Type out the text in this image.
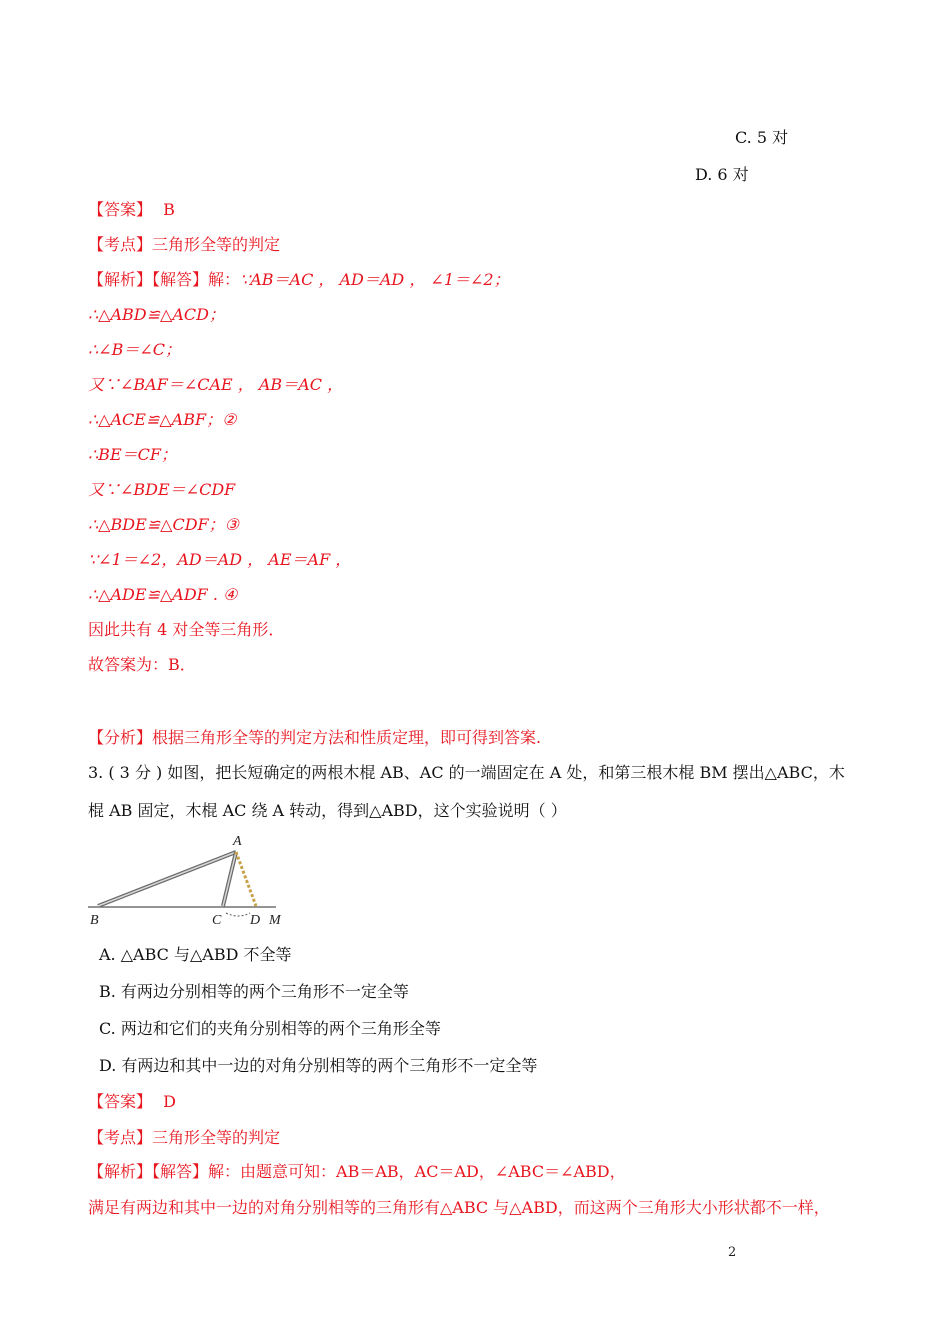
C. 5 对
D. 6 对
【答案】 B
【考点】三角形全等的判定
【解析】【解答】解：∵AB＝AC ， AD＝AD ， ∠1＝∠2；
∴△ABD≌△ACD；
∴∠B＝∠C；
又∵∠BAF＝∠CAE ， AB＝AC ，
∴△ACE≌△ABF；②
∴BE＝CF；
又∵∠BDE＝∠CDF
∴△BDE≌△CDF；③
∵∠1＝∠2，AD＝AD ， AE＝AF ，
∴△ADE≌△ADF . ④
因此共有 4 对全等三角形．
故答案为：B．
【分析】根据三角形全等的判定方法和性质定理，即可得到答案.
3. ( 3 分 ) 如图，把长短确定的两根木棍 AB、AC 的一端固定在 A 处，和第三根木棍 BM 摆出△ABC，木
棍 AB 固定，木棍 AC 绕 A 转动，得到△ABD，这个实验说明（ ）
A
B	C D M
A. △ABC 与△ABD 不全等
B. 有两边分别相等的两个三角形不一定全等
C. 两边和它们的夹角分别相等的两个三角形全等
D. 有两边和其中一边的对角分别相等的两个三角形不一定全等
【答案】 D
【考点】三角形全等的判定
【解析】【解答】解：由题意可知：AB＝AB，AC＝AD，∠ABC＝∠ABD，
满足有两边和其中一边的对角分别相等的三角形有△ABC 与△ABD，而这两个三角形大小形状都不一样，
2
